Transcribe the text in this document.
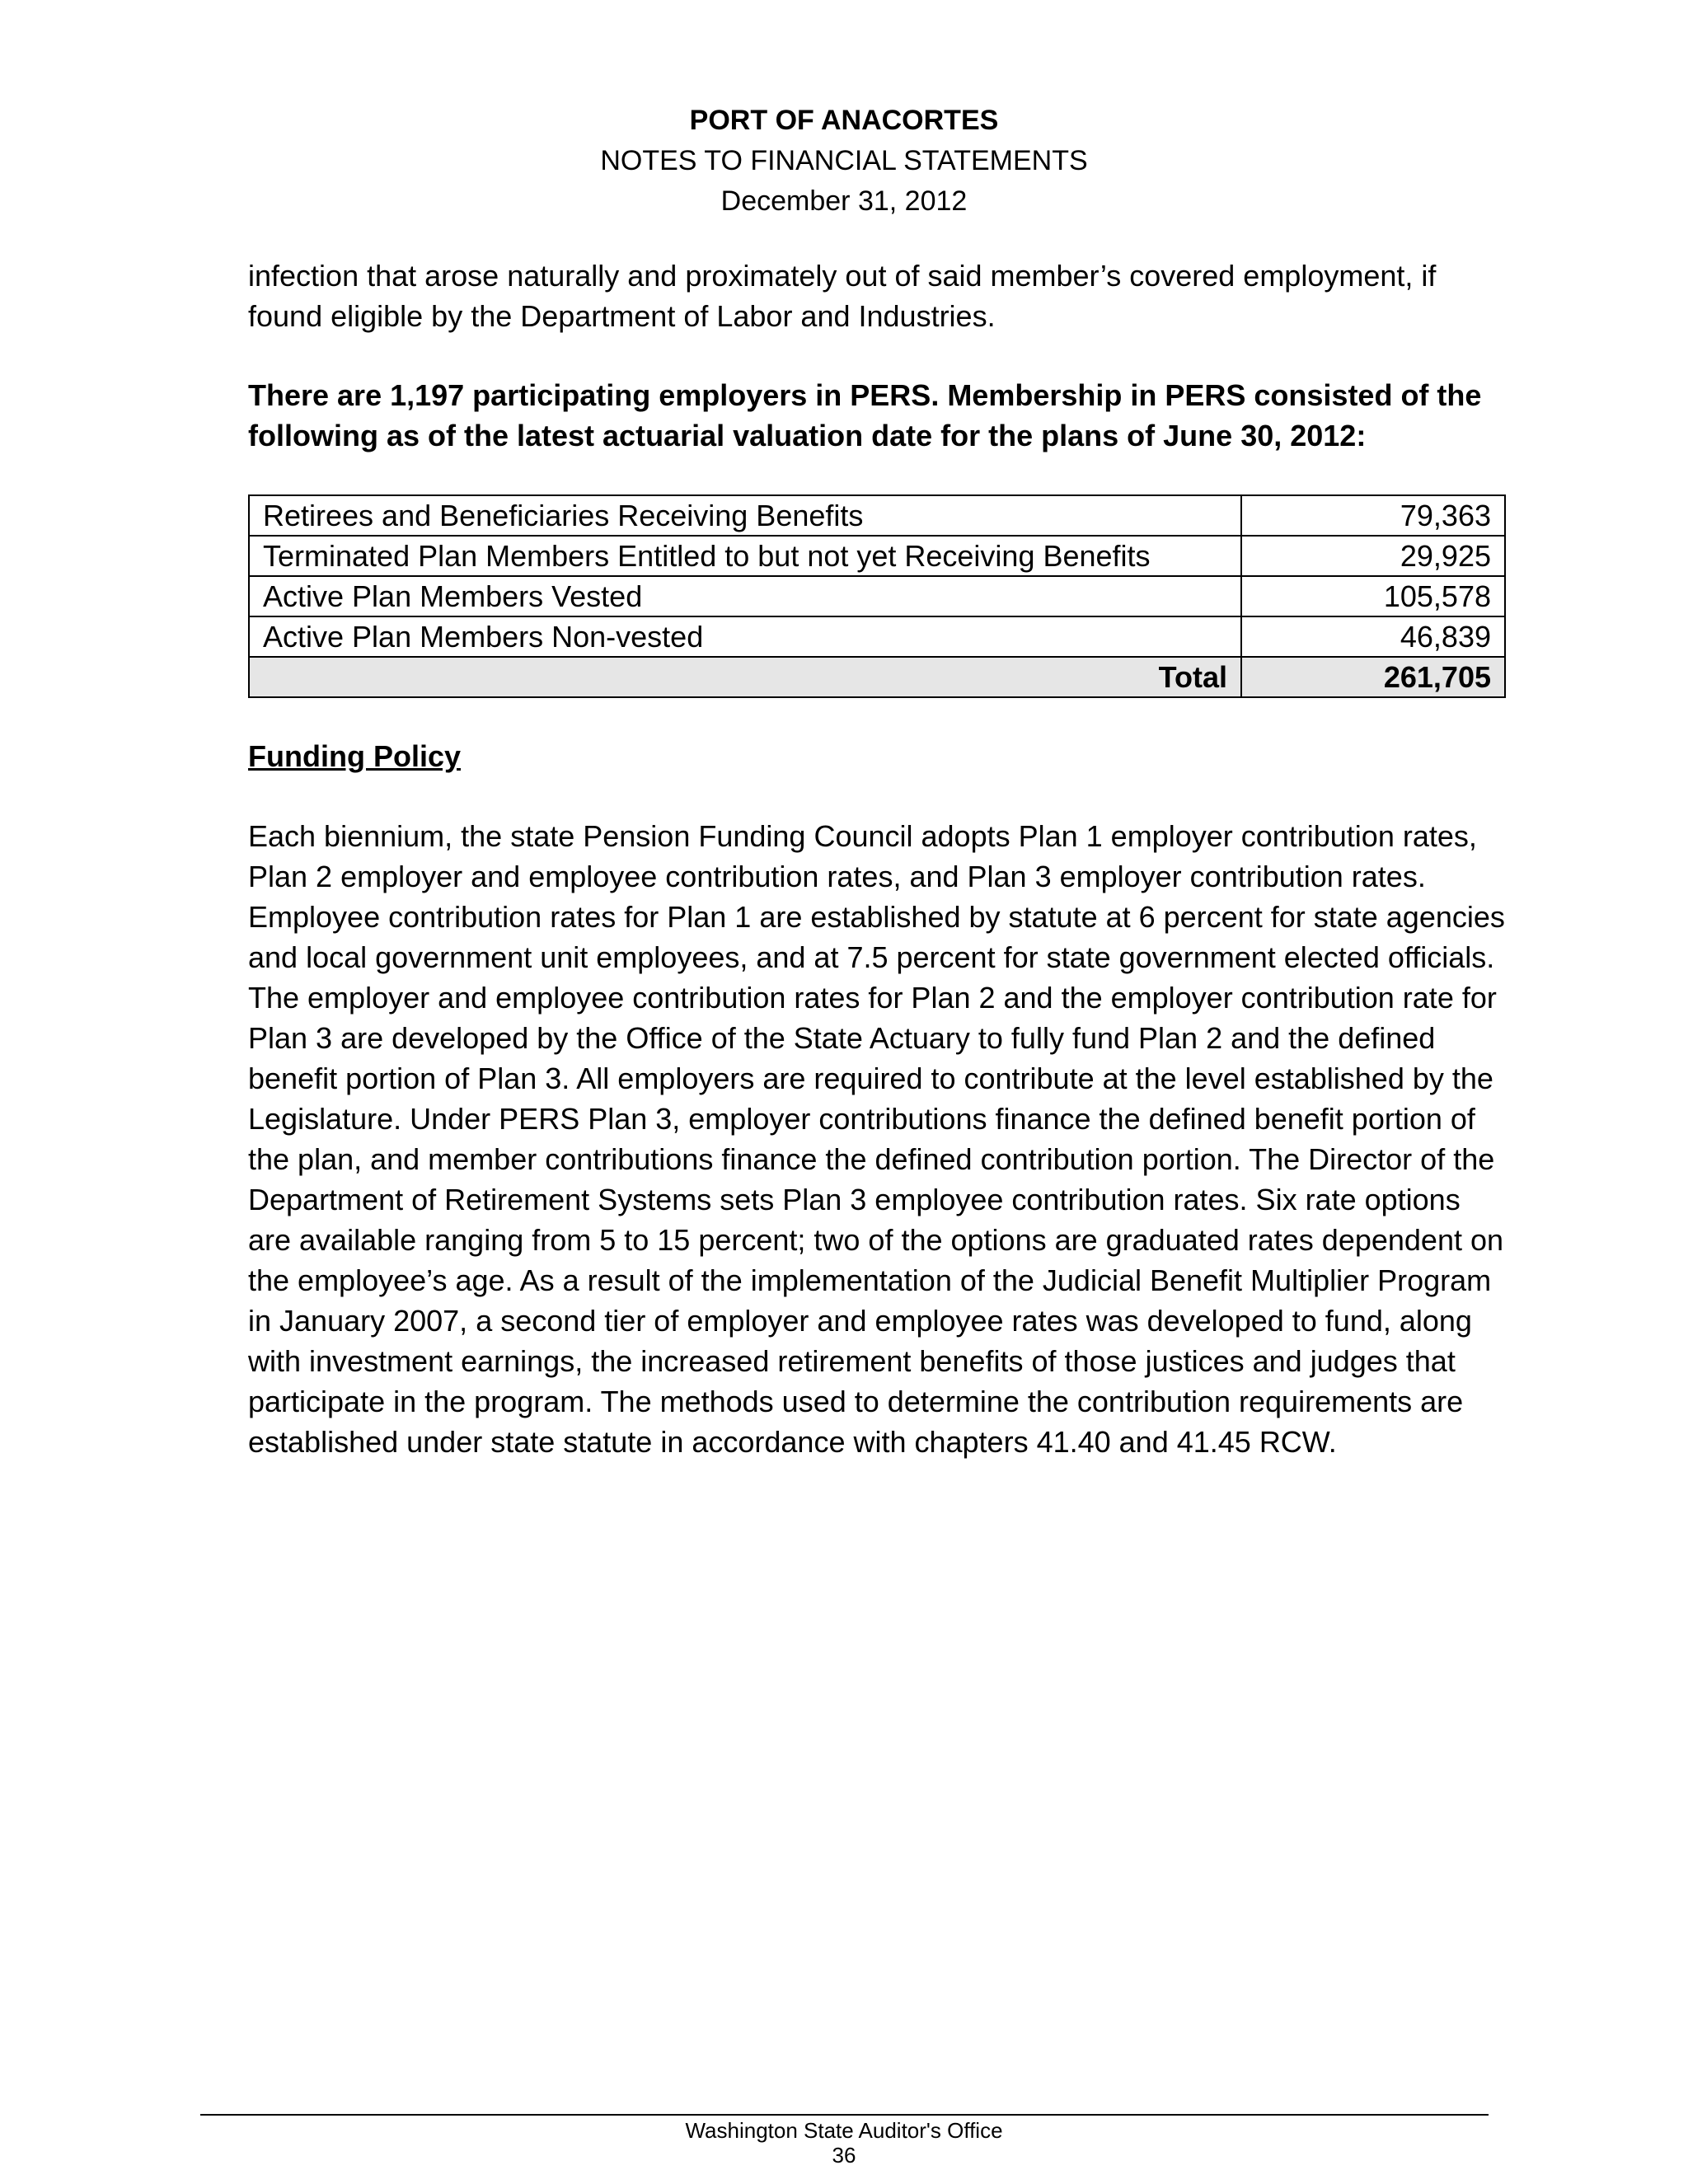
PORT OF ANACORTES
NOTES TO FINANCIAL STATEMENTS
December 31, 2012

infection that arose naturally and proximately out of said member’s covered employment, if found eligible by the Department of Labor and Industries.

There are 1,197 participating employers in PERS. Membership in PERS consisted of the following as of the latest actuarial valuation date for the plans of June 30, 2012:

Retirees and Beneficiaries Receiving Benefits	79,363
Terminated Plan Members Entitled to but not yet Receiving Benefits	29,925
Active Plan Members Vested	105,578
Active Plan Members Non-vested	46,839
Total	261,705

Funding Policy

Each biennium, the state Pension Funding Council adopts Plan 1 employer contribution rates, Plan 2 employer and employee contribution rates, and Plan 3 employer contribution rates. Employee contribution rates for Plan 1 are established by statute at 6 percent for state agencies and local government unit employees, and at 7.5 percent for state government elected officials. The employer and employee contribution rates for Plan 2 and the employer contribution rate for Plan 3 are developed by the Office of the State Actuary to fully fund Plan 2 and the defined benefit portion of Plan 3. All employers are required to contribute at the level established by the Legislature. Under PERS Plan 3, employer contributions finance the defined benefit portion of the plan, and member contributions finance the defined contribution portion. The Director of the Department of Retirement Systems sets Plan 3 employee contribution rates. Six rate options are available ranging from 5 to 15 percent; two of the options are graduated rates dependent on the employee’s age. As a result of the implementation of the Judicial Benefit Multiplier Program in January 2007, a second tier of employer and employee rates was developed to fund, along with investment earnings, the increased retirement benefits of those justices and judges that participate in the program. The methods used to determine the contribution requirements are established under state statute in accordance with chapters 41.40 and 41.45 RCW.

Washington State Auditor's Office
36
